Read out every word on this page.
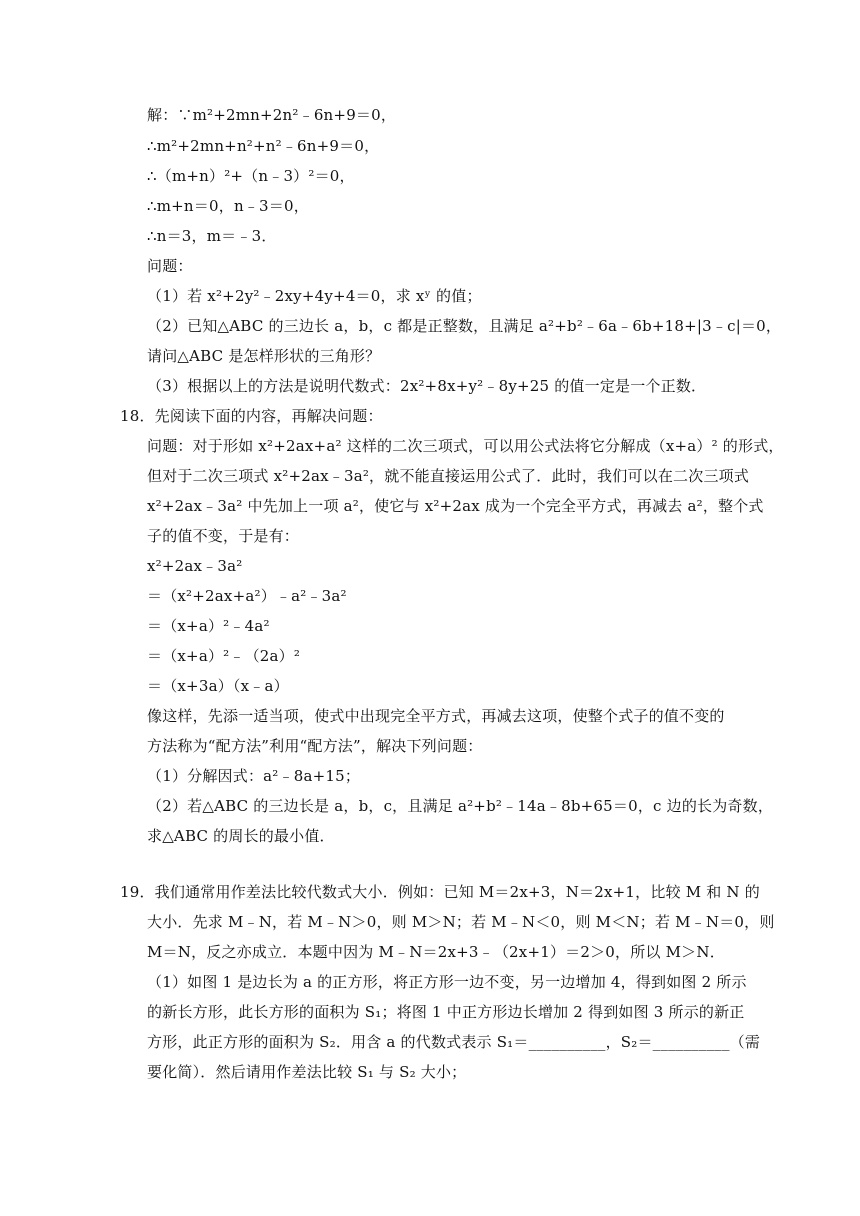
解：∵m²+2mn+2n²﹣6n+9＝0，
∴m²+2mn+n²+n²﹣6n+9＝0，
∴（m+n）²+（n﹣3）²＝0，
∴m+n＝0，n﹣3＝0，
∴n＝3，m＝﹣3．
问题：
（1）若 x²+2y²﹣2xy+4y+4＝0，求 xʸ 的值；
（2）已知△ABC 的三边长 a，b，c 都是正整数，且满足 a²+b²﹣6a﹣6b+18+|3﹣c|＝0，
请问△ABC 是怎样形状的三角形？
（3）根据以上的方法是说明代数式：2x²+8x+y²﹣8y+25 的值一定是一个正数．
18．先阅读下面的内容，再解决问题：
问题：对于形如 x²+2ax+a² 这样的二次三项式，可以用公式法将它分解成（x+a）² 的形式，
但对于二次三项式 x²+2ax﹣3a²，就不能直接运用公式了．此时，我们可以在二次三项式
x²+2ax﹣3a² 中先加上一项 a²，使它与 x²+2ax 成为一个完全平方式，再减去 a²，整个式
子的值不变，于是有：
x²+2ax﹣3a²
＝（x²+2ax+a²）﹣a²﹣3a²
＝（x+a）²﹣4a²
＝（x+a）²﹣（2a）²
＝（x+3a）（x﹣a）
像这样，先添一适当项，使式中出现完全平方式，再减去这项，使整个式子的值不变的
方法称为“配方法”利用“配方法”，解决下列问题：
（1）分解因式：a²﹣8a+15；
（2）若△ABC 的三边长是 a，b，c，且满足 a²+b²﹣14a﹣8b+65＝0，c 边的长为奇数，
求△ABC 的周长的最小值．
19．我们通常用作差法比较代数式大小．例如：已知 M＝2x+3，N＝2x+1，比较 M 和 N 的
大小．先求 M﹣N，若 M﹣N＞0，则 M＞N；若 M﹣N＜0，则 M＜N；若 M﹣N＝0，则
M＝N，反之亦成立．本题中因为 M﹣N＝2x+3﹣（2x+1）＝2＞0，所以 M＞N．
（1）如图 1 是边长为 a 的正方形，将正方形一边不变，另一边增加 4，得到如图 2 所示
的新长方形，此长方形的面积为 S₁；将图 1 中正方形边长增加 2 得到如图 3 所示的新正
方形，此正方形的面积为 S₂．用含 a 的代数式表示 S₁＝__________，S₂＝__________（需
要化简）．然后请用作差法比较 S₁ 与 S₂ 大小；
